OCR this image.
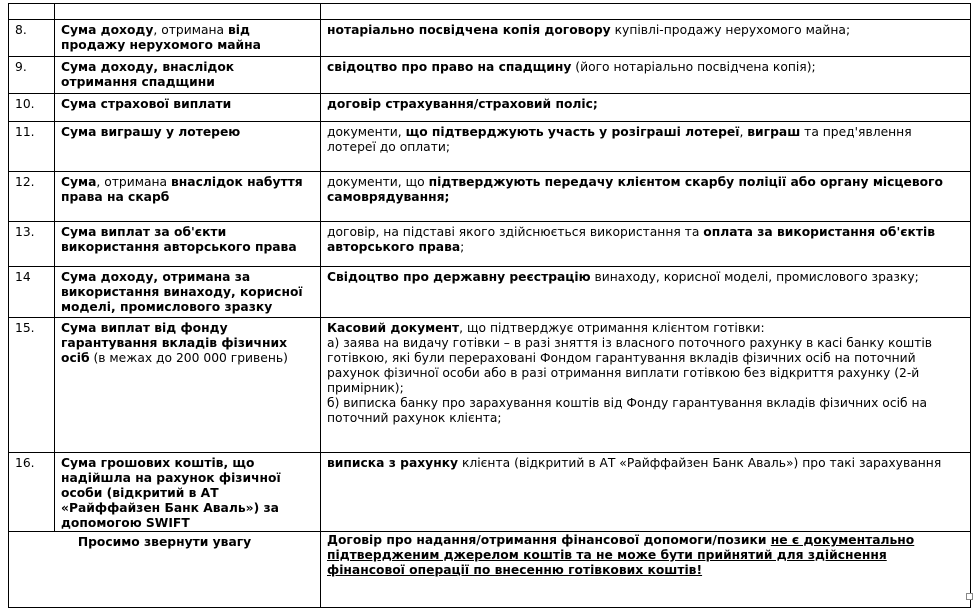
8.	Сума доходу, отримана від продажу нерухомого майна	нотаріально посвідчена копія договору купівлі-продажу нерухомого майна;
9.	Сума доходу, внаслідок отримання спадщини	свідоцтво про право на спадщину (його нотаріально посвідчена копія);
10.	Сума страхової виплати	договір страхування/страховий поліс;
11.	Сума виграшу у лотерею	документи, що підтверджують участь у розіграші лотереї, виграш та пред'явлення лотереї до оплати;
12.	Сума, отримана внаслідок набуття права на скарб	документи, що підтверджують передачу клієнтом скарбу поліції або органу місцевого самоврядування;
13.	Сума виплат за об'єкти використання авторського права	договір, на підставі якого здійснюється використання та оплата за використання об'єктів авторського права;
14	Сума доходу, отримана за використання винаходу, корисної моделі, промислового зразку	Свідоцтво про державну реєстрацію винаходу, корисної моделі, промислового зразку;
15.	Сума виплат від фонду гарантування вкладів фізичних осіб (в межах до 200 000 гривень)	Касовий документ, що підтверджує отримання клієнтом готівки:
а) заява на видачу готівки – в разі зняття із власного поточного рахунку в касі банку коштів готівкою, які були перераховані Фондом гарантування вкладів фізичних осіб на поточний рахунок фізичної особи або в разі отримання виплати готівкою без відкриття рахунку (2-й примірник);
б) виписка банку про зарахування коштів від Фонду гарантування вкладів фізичних осіб на поточний рахунок клієнта;
16.	Сума грошових коштів, що надійшла на рахунок фізичної особи (відкритий в АТ «Райффайзен Банк Аваль») за допомогою SWIFT	виписка з рахунку клієнта (відкритий в АТ «Райффайзен Банк Аваль») про такі зарахування
Просимо звернути увагу		Договір про надання/отримання фінансової допомоги/позики не є документально підтвердженим джерелом коштів та не може бути прийнятий для здійснення фінансової операції по внесенню готівкових коштів!
